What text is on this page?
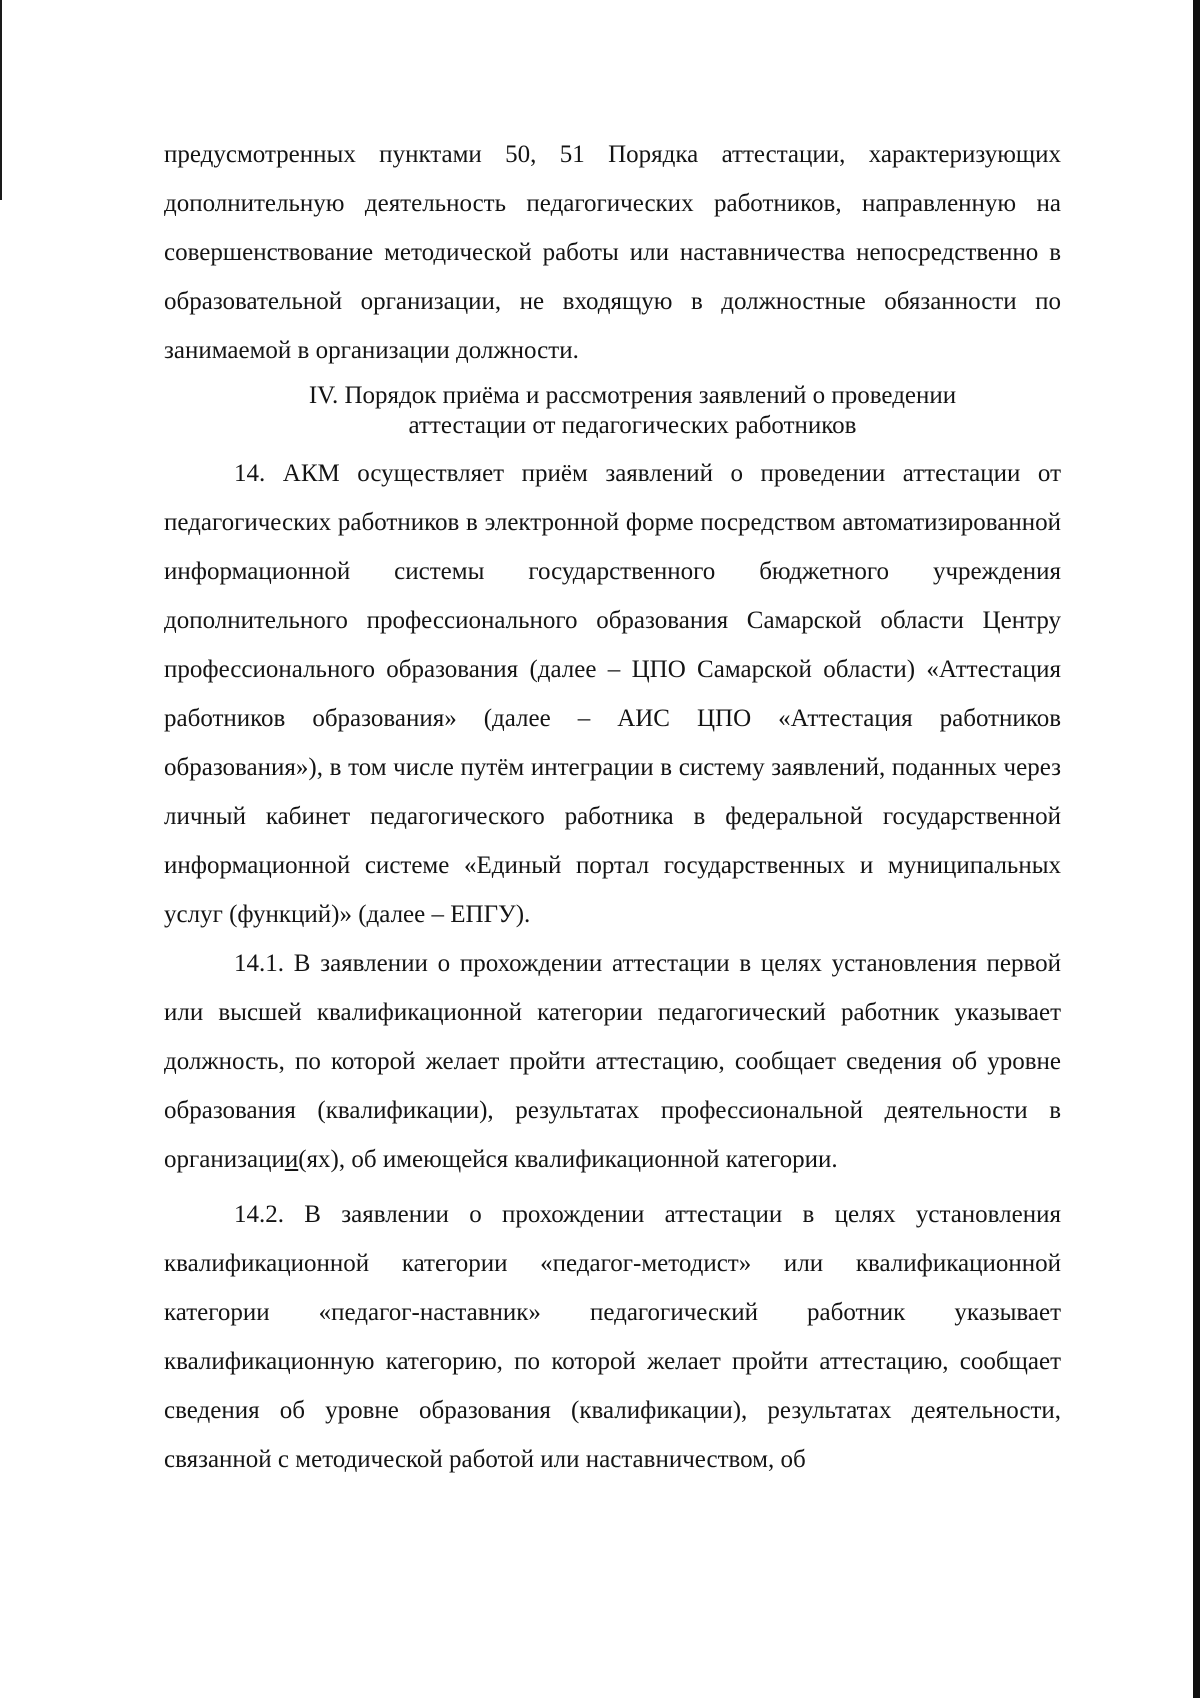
предусмотренных пунктами 50, 51 Порядка аттестации, характеризующих дополнительную деятельность педагогических работников, направленную на совершенствование методической работы или наставничества непосредственно в образовательной организации, не входящую в должностные обязанности по занимаемой в организации должности.

IV. Порядок приёма и рассмотрения заявлений о проведении
аттестации от педагогических работников

14. АКМ осуществляет приём заявлений о проведении аттестации от педагогических работников в электронной форме посредством автоматизированной информационной системы государственного бюджетного учреждения дополнительного профессионального образования Самарской области Центру профессионального образования (далее – ЦПО Самарской области) «Аттестация работников образования» (далее – АИС ЦПО «Аттестация работников образования»), в том числе путём интеграции в систему заявлений, поданных через личный кабинет педагогического работника в федеральной государственной информационной системе «Единый портал государственных и муниципальных услуг (функций)» (далее – ЕПГУ).

14.1. В заявлении о прохождении аттестации в целях установления первой или высшей квалификационной категории педагогический работник указывает должность, по которой желает пройти аттестацию, сообщает сведения об уровне образования (квалификации), результатах профессиональной деятельности в организации(ях), об имеющейся квалификационной категории.

14.2. В заявлении о прохождении аттестации в целях установления квалификационной категории «педагог-методист» или квалификационной категории «педагог-наставник» педагогический работник указывает квалификационную категорию, по которой желает пройти аттестацию, сообщает сведения об уровне образования (квалификации), результатах деятельности, связанной с методической работой или наставничеством, об
